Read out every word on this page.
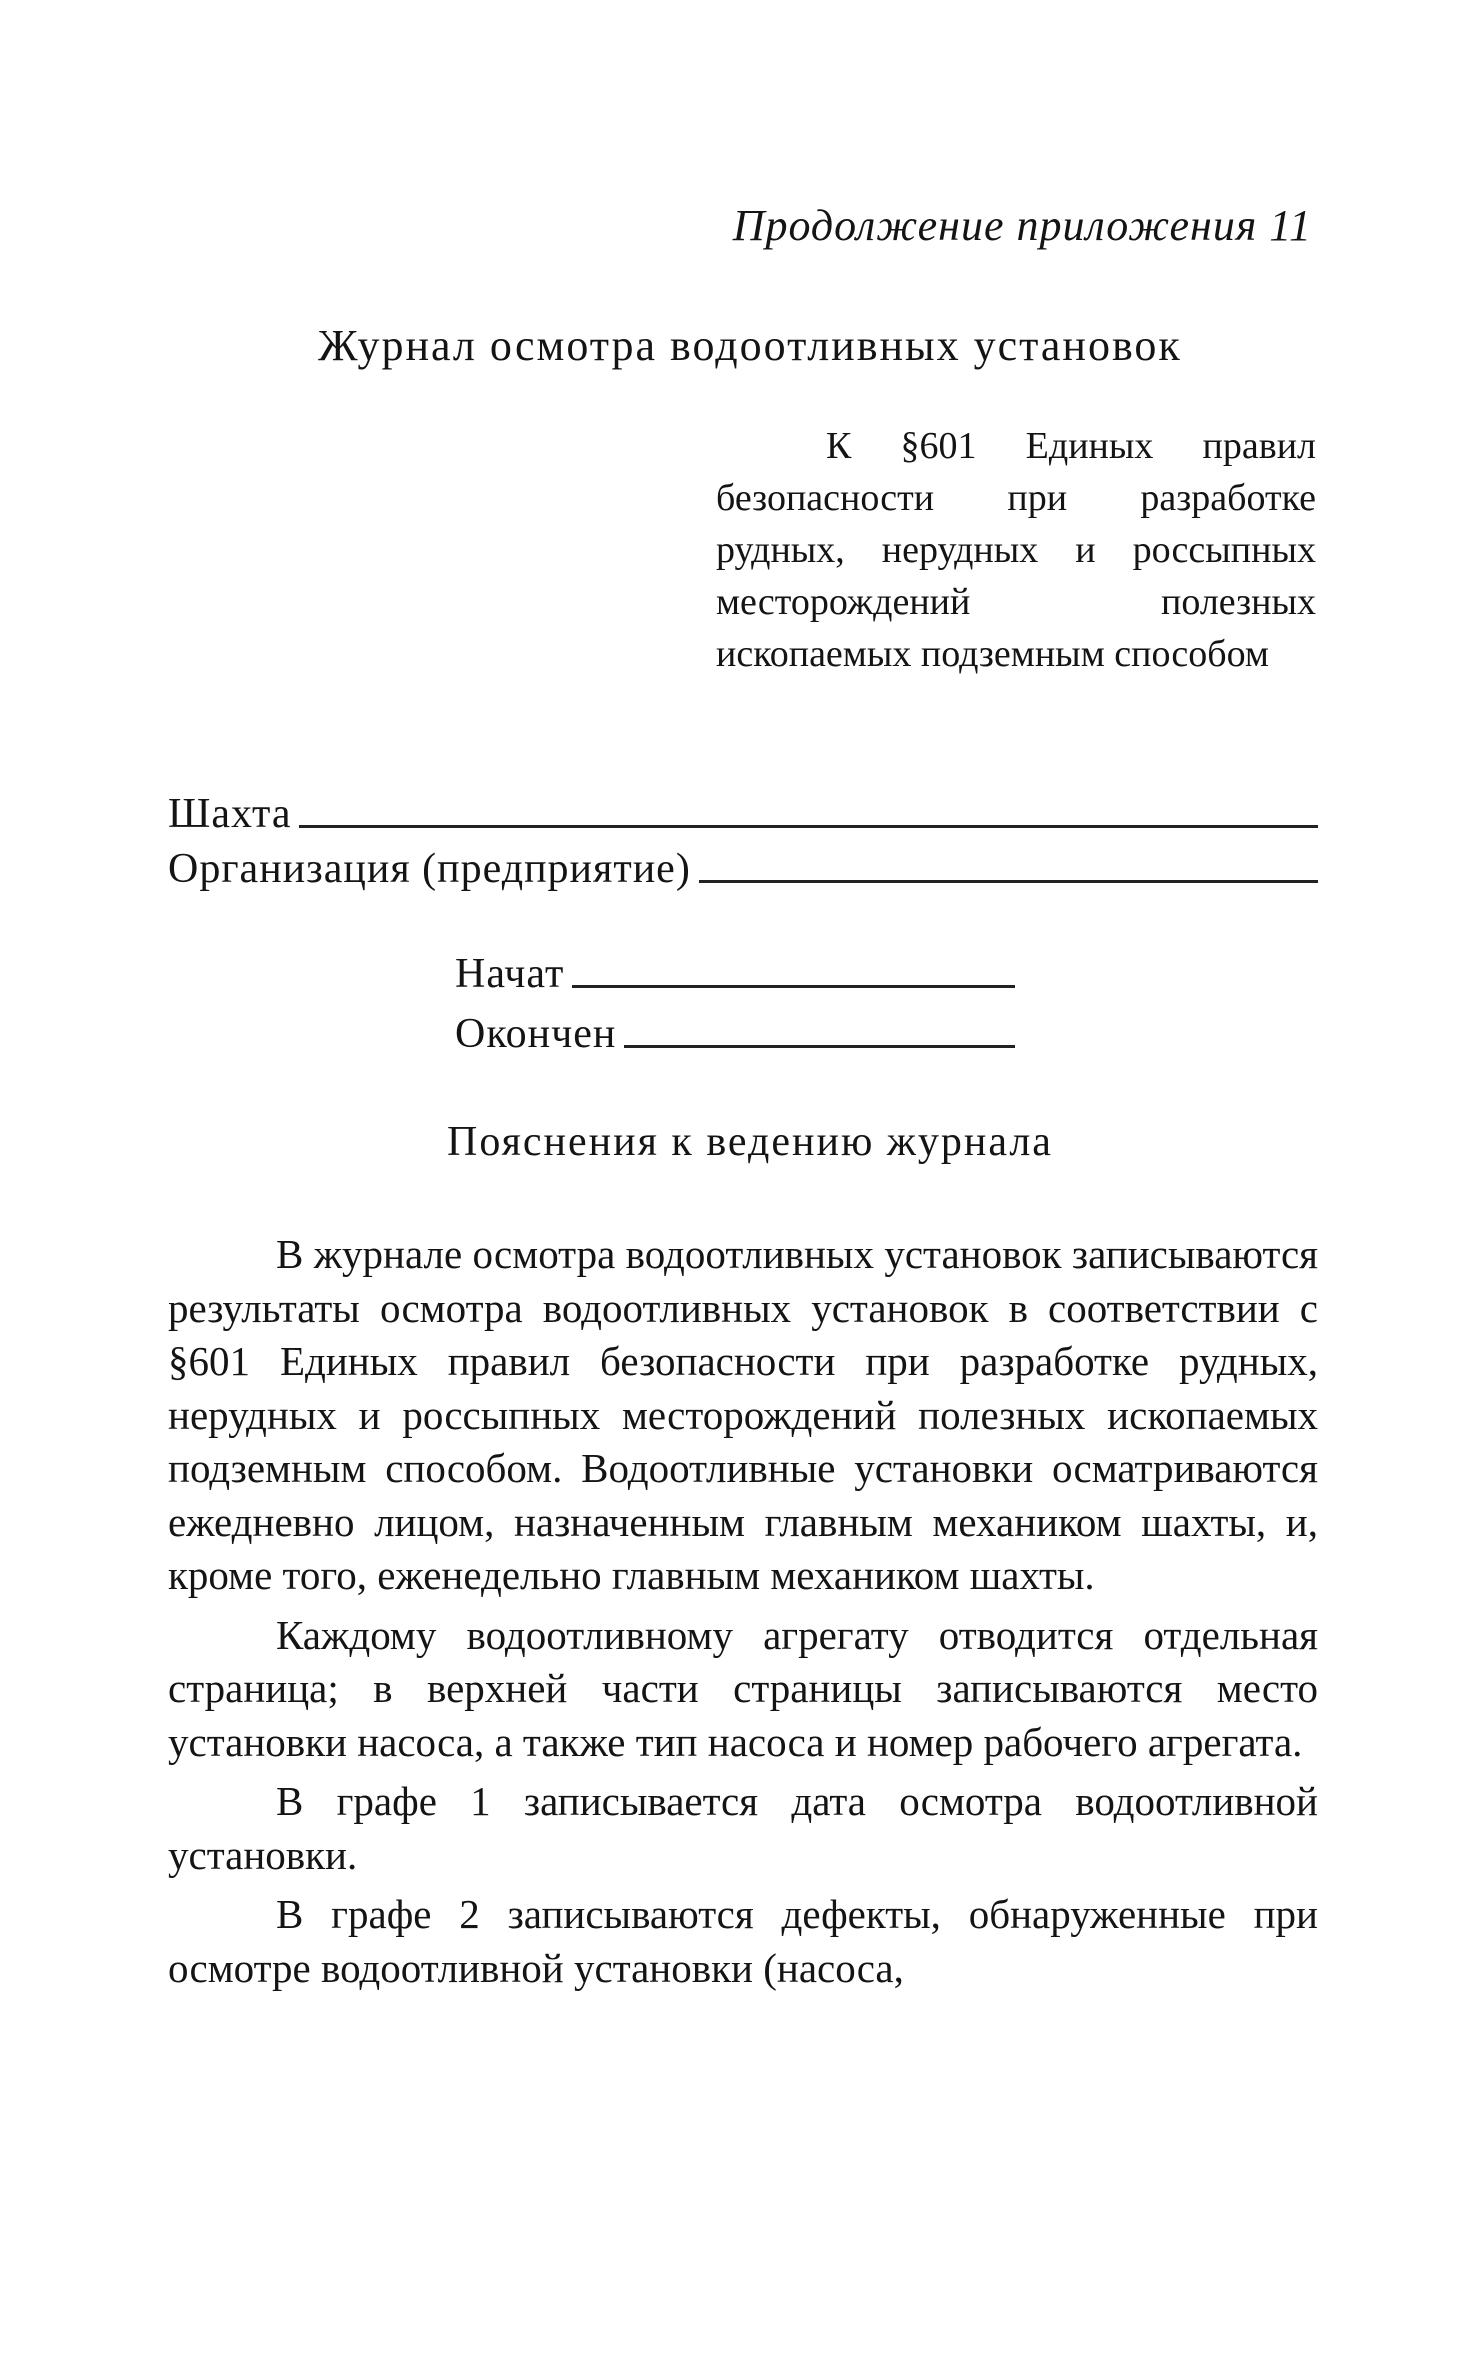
Продолжение приложения 11
Журнал осмотра водоотливных установок
К §601 Единых правил безопасности при разработке рудных, нерудных и россыпных месторождений полезных ископаемых подземным способом
Шахта
Организация (предприятие)
Начат
Окончен
Пояснения к ведению журнала

В журнале осмотра водоотливных установок записываются результаты осмотра водоотливных установок в соответствии с §601 Единых правил безопасности при разработке рудных, нерудных и россыпных месторождений полезных ископаемых подземным способом. Водоотливные установки осматриваются ежедневно лицом, назначенным главным механиком шахты, и, кроме того, еженедельно главным механиком шахты.

Каждому водоотливному агрегату отводится отдельная страница; в верхней части страницы записываются место установки насоса, а также тип насоса и номер рабочего агрегата.

В графе 1 записывается дата осмотра водоотливной установки.

В графе 2 записываются дефекты, обнаруженные при осмотре водоотливной установки (насоса,
